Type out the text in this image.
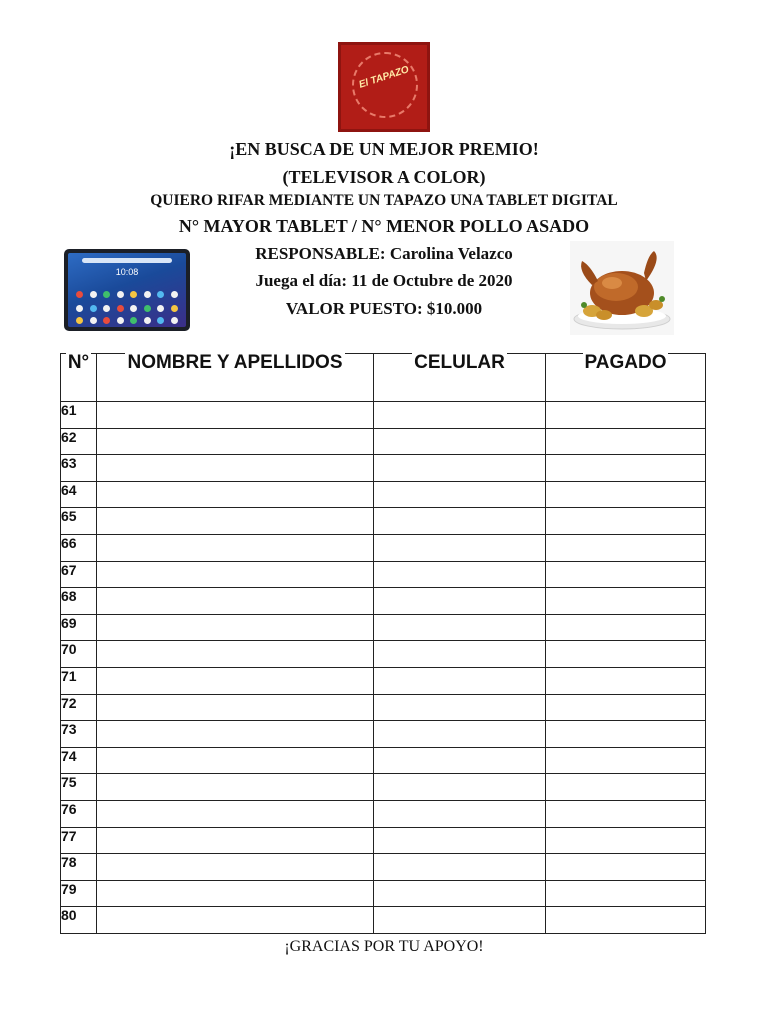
El TAPAZO
¡EN BUSCA DE UN MEJOR PREMIO!
(TELEVISOR A COLOR)
QUIERO RIFAR MEDIANTE UN TAPAZO UNA TABLET DIGITAL
N° MAYOR TABLET / N° MENOR POLLO ASADO
RESPONSABLE: Carolina Velazco
Juega el día: 11 de Octubre de 2020
VALOR PUESTO: $10.000
10:08
N°	NOMBRE Y APELLIDOS	CELULAR	PAGADO
61			
62			
63			
64			
65			
66			
67			
68			
69			
70			
71			
72			
73			
74			
75			
76			
77			
78			
79			
80			
¡GRACIAS POR TU APOYO!
